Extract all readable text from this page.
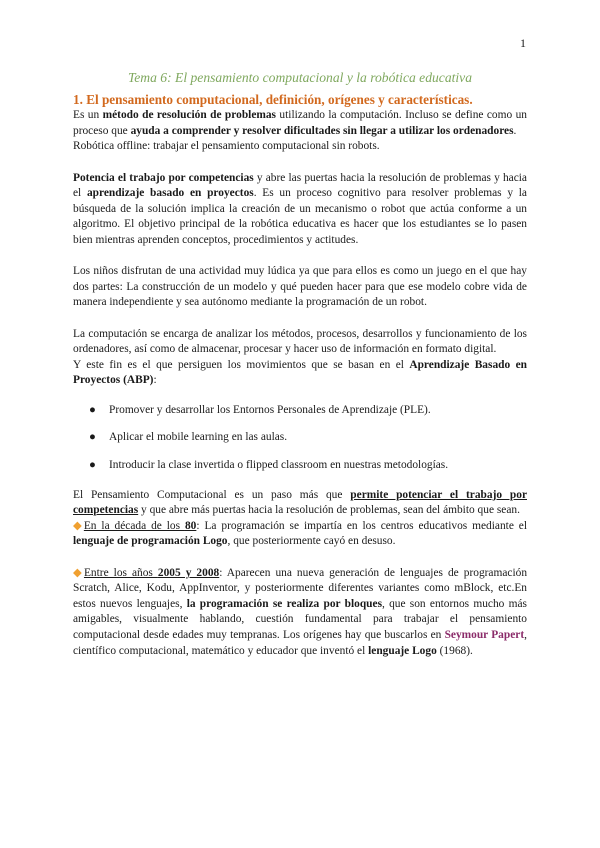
1
Tema 6: El pensamiento computacional y la robótica educativa
1. El pensamiento computacional, definición, orígenes y características.

Es un método de resolución de problemas utilizando la computación. Incluso se define como un proceso que ayuda a comprender y resolver dificultades sin llegar a utilizar los ordenadores.

Robótica offline: trabajar el pensamiento computacional sin robots.

Potencia el trabajo por competencias y abre las puertas hacia la resolución de problemas y hacia el aprendizaje basado en proyectos. Es un proceso cognitivo para resolver problemas y la búsqueda de la solución implica la creación de un mecanismo o robot que actúa conforme a un algoritmo. El objetivo principal de la robótica educativa es hacer que los estudiantes se lo pasen bien mientras aprenden conceptos, procedimientos y actitudes.

Los niños disfrutan de una actividad muy lúdica ya que para ellos es como un juego en el que hay dos partes: La construcción de un modelo y qué pueden hacer para que ese modelo cobre vida de manera independiente y sea autónomo mediante la programación de un robot.

La computación se encarga de analizar los métodos, procesos, desarrollos y funcionamiento de los ordenadores, así como de almacenar, procesar y hacer uso de información en formato digital.

Y este fin es el que persiguen los movimientos que se basan en el Aprendizaje Basado en Proyectos (ABP):

● Promover y desarrollar los Entornos Personales de Aprendizaje (PLE).
● Aplicar el mobile learning en las aulas.
● Introducir la clase invertida o flipped classroom en nuestras metodologías.

El Pensamiento Computacional es un paso más que permite potenciar el trabajo por competencias y que abre más puertas hacia la resolución de problemas, sean del ámbito que sean.

◆En la década de los 80: La programación se impartía en los centros educativos mediante el lenguaje de programación Logo, que posteriormente cayó en desuso.

◆Entre los años 2005 y 2008: Aparecen una nueva generación de lenguajes de programación Scratch, Alice, Kodu, AppInventor, y posteriormente diferentes variantes como mBlock, etc.En estos nuevos lenguajes, la programación se realiza por bloques, que son entornos mucho más amigables, visualmente hablando, cuestión fundamental para trabajar el pensamiento computacional desde edades muy tempranas. Los orígenes hay que buscarlos en Seymour Papert, científico computacional, matemático y educador que inventó el lenguaje Logo (1968).
